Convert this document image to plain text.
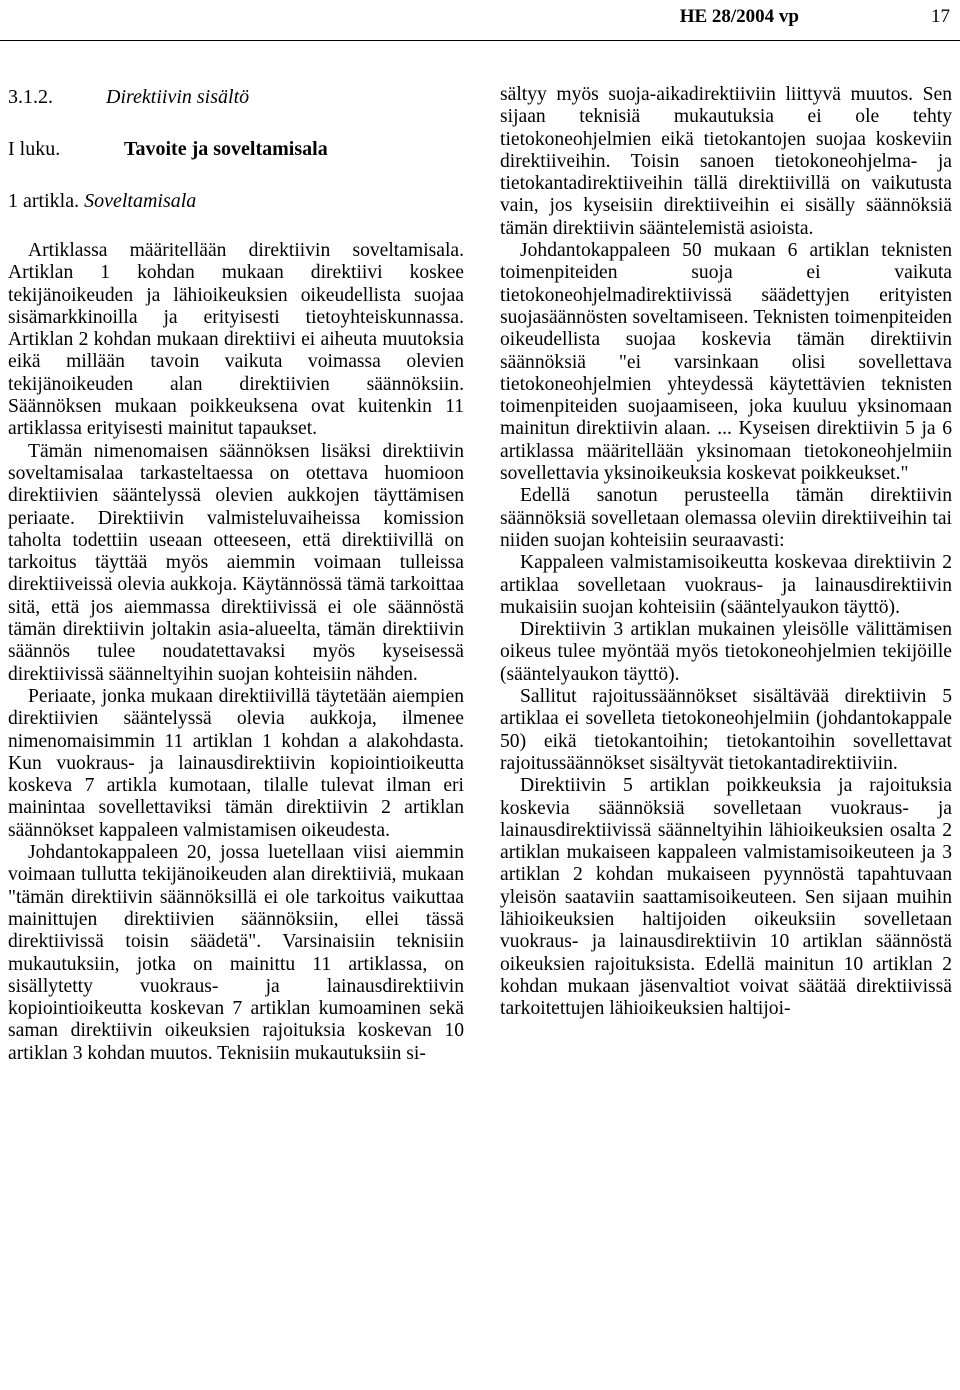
HE 28/2004 vp	17
3.1.2.	Direktiivin sisältö
I luku.	Tavoite ja soveltamisala
1 artikla. Soveltamisala

Artiklassa määritellään direktiivin soveltamisala. Artiklan 1 kohdan mukaan direktiivi koskee tekijänoikeuden ja lähioikeuksien oikeudellista suojaa sisämarkkinoilla ja erityisesti tietoyhteiskunnassa. Artiklan 2 kohdan mukaan direktiivi ei aiheuta muutoksia eikä millään tavoin vaikuta voimassa olevien tekijänoikeuden alan direktiivien säännöksiin. Säännöksen mukaan poikkeuksena ovat kuitenkin 11 artiklassa erityisesti mainitut tapaukset.

Tämän nimenomaisen säännöksen lisäksi direktiivin soveltamisalaa tarkasteltaessa on otettava huomioon direktiivien sääntelyssä olevien aukkojen täyttämisen periaate. Direktiivin valmisteluvaiheissa komission taholta todettiin useaan otteeseen, että direktiivillä on tarkoitus täyttää myös aiemmin voimaan tulleissa direktiiveissä olevia aukkoja. Käytännössä tämä tarkoittaa sitä, että jos aiemmassa direktiivissä ei ole säännöstä tämän direktiivin joltakin asia-alueelta, tämän direktiivin säännös tulee noudatettavaksi myös kyseisessä direktiivissä säänneltyihin suojan kohteisiin nähden.

Periaate, jonka mukaan direktiivillä täytetään aiempien direktiivien sääntelyssä olevia aukkoja, ilmenee nimenomaisimmin 11 artiklan 1 kohdan a alakohdasta. Kun vuokraus- ja lainausdirektiivin kopiointioikeutta koskeva 7 artikla kumotaan, tilalle tulevat ilman eri mainintaa sovellettaviksi tämän direktiivin 2 artiklan säännökset kappaleen valmistamisen oikeudesta.

Johdantokappaleen 20, jossa luetellaan viisi aiemmin voimaan tullutta tekijänoikeuden alan direktiiviä, mukaan "tämän direktiivin säännöksillä ei ole tarkoitus vaikuttaa mainittujen direktiivien säännöksiin, ellei tässä direktiivissä toisin säädetä". Varsinaisiin teknisiin mukautuksiin, jotka on mainittu 11 artiklassa, on sisällytetty vuokraus- ja lainausdirektiivin kopiointioikeutta koskevan 7 artiklan kumoaminen sekä saman direktiivin oikeuksien rajoituksia koskevan 10 artiklan 3 kohdan muutos. Teknisiin mukautuksiin si-

sältyy myös suoja-aikadirektiiviin liittyvä muutos. Sen sijaan teknisiä mukautuksia ei ole tehty tietokoneohjelmien eikä tietokantojen suojaa koskeviin direktiiveihin. Toisin sanoen tietokoneohjelma- ja tietokantadirektiiveihin tällä direktiivillä on vaikutusta vain, jos kyseisiin direktiiveihin ei sisälly säännöksiä tämän direktiivin sääntelemistä asioista.

Johdantokappaleen 50 mukaan 6 artiklan teknisten toimenpiteiden suoja ei vaikuta tietokoneohjelmadirektiivissä säädettyjen erityisten suojasäännösten soveltamiseen. Teknisten toimenpiteiden oikeudellista suojaa koskevia tämän direktiivin säännöksiä "ei varsinkaan olisi sovellettava tietokoneohjelmien yhteydessä käytettävien teknisten toimenpiteiden suojaamiseen, joka kuuluu yksinomaan mainitun direktiivin alaan. ... Kyseisen direktiivin 5 ja 6 artiklassa määritellään yksinomaan tietokoneohjelmiin sovellettavia yksinoikeuksia koskevat poikkeukset."

Edellä sanotun perusteella tämän direktiivin säännöksiä sovelletaan olemassa oleviin direktiiveihin tai niiden suojan kohteisiin seuraavasti:

Kappaleen valmistamisoikeutta koskevaa direktiivin 2 artiklaa sovelletaan vuokraus- ja lainausdirektiivin mukaisiin suojan kohteisiin (sääntelyaukon täyttö).

Direktiivin 3 artiklan mukainen yleisölle välittämisen oikeus tulee myöntää myös tietokoneohjelmien tekijöille (sääntelyaukon täyttö).

Sallitut rajoitussäännökset sisältävää direktiivin 5 artiklaa ei sovelleta tietokoneohjelmiin (johdantokappale 50) eikä tietokantoihin; tietokantoihin sovellettavat rajoitussäännökset sisältyvät tietokantadirektiiviin.

Direktiivin 5 artiklan poikkeuksia ja rajoituksia koskevia säännöksiä sovelletaan vuokraus- ja lainausdirektiivissä säänneltyihin lähioikeuksien osalta 2 artiklan mukaiseen kappaleen valmistamisoikeuteen ja 3 artiklan 2 kohdan mukaiseen pyynnöstä tapahtuvaan yleisön saataviin saattamisoikeuteen. Sen sijaan muihin lähioikeuksien haltijoiden oikeuksiin sovelletaan vuokraus- ja lainausdirektiivin 10 artiklan säännöstä oikeuksien rajoituksista. Edellä mainitun 10 artiklan 2 kohdan mukaan jäsenvaltiot voivat säätää direktiivissä tarkoitettujen lähioikeuksien haltijoi-
